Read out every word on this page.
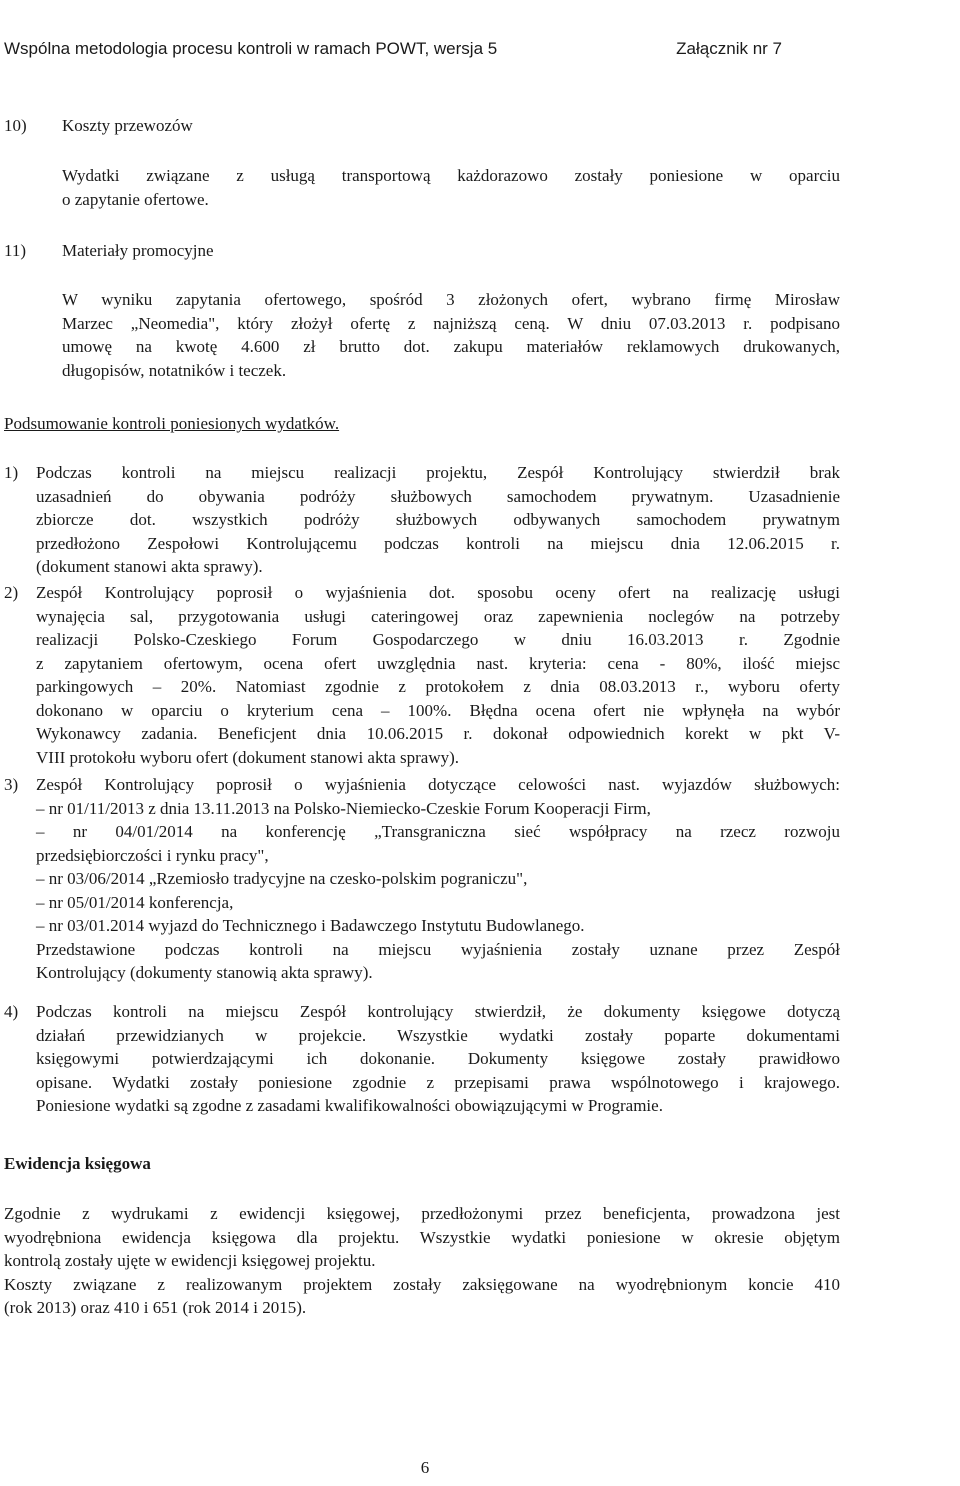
Wspólna metodologia procesu kontroli w ramach POWT, wersja 5	Załącznik nr 7
10) Koszty przewozów

Wydatki związane z usługą transportową każdorazowo zostały poniesione w oparciu

o zapytanie ofertowe.

11) Materiały promocyjne

W wyniku zapytania ofertowego, spośród 3 złożonych ofert, wybrano firmę Mirosław

Marzec „Neomedia", który złożył ofertę z najniższą ceną. W dniu 07.03.2013 r. podpisano

umowę na kwotę 4.600 zł brutto dot. zakupu materiałów reklamowych drukowanych,

długopisów, notatników i teczek.

Podsumowanie kontroli poniesionych wydatków.
1) Podczas kontroli na miejscu realizacji projektu, Zespół Kontrolujący stwierdził brak

uzasadnień do obywania podróży służbowych samochodem prywatnym. Uzasadnienie

zbiorcze dot. wszystkich podróży służbowych odbywanych samochodem prywatnym

przedłożono Zespołowi Kontrolującemu podczas kontroli na miejscu dnia 12.06.2015 r.

(dokument stanowi akta sprawy).

2) Zespół Kontrolujący poprosił o wyjaśnienia dot. sposobu oceny ofert na realizację usługi

wynajęcia sal, przygotowania usługi cateringowej oraz zapewnienia noclegów na potrzeby

realizacji Polsko-Czeskiego Forum Gospodarczego w dniu 16.03.2013 r. Zgodnie

z zapytaniem ofertowym, ocena ofert uwzględnia nast. kryteria: cena - 80%, ilość miejsc

parkingowych – 20%. Natomiast zgodnie z protokołem z dnia 08.03.2013 r., wyboru oferty

dokonano w oparciu o kryterium cena – 100%. Błędna ocena ofert nie wpłynęła na wybór

Wykonawcy zadania. Beneficjent dnia 10.06.2015 r. dokonał odpowiednich korekt w pkt V-

VIII protokołu wyboru ofert (dokument stanowi akta sprawy).

3) Zespół Kontrolujący poprosił o wyjaśnienia dotyczące celowości nast. wyjazdów służbowych:

– nr 01/11/2013 z dnia 13.11.2013 na Polsko-Niemiecko-Czeskie Forum Kooperacji Firm,

– nr 04/01/2014 na konferencję „Transgraniczna sieć współpracy na rzecz rozwoju

przedsiębiorczości i rynku pracy",

– nr 03/06/2014 „Rzemiosło tradycyjne na czesko-polskim pograniczu",

– nr 05/01/2014 konferencja,

– nr 03/01.2014 wyjazd do Technicznego i Badawczego Instytutu Budowlanego.

Przedstawione podczas kontroli na miejscu wyjaśnienia zostały uznane przez Zespół

Kontrolujący (dokumenty stanowią akta sprawy).

4) Podczas kontroli na miejscu Zespół kontrolujący stwierdził, że dokumenty księgowe dotyczą

działań przewidzianych w projekcie. Wszystkie wydatki zostały poparte dokumentami

księgowymi potwierdzającymi ich dokonanie. Dokumenty księgowe zostały prawidłowo

opisane. Wydatki zostały poniesione zgodnie z przepisami prawa wspólnotowego i krajowego.

Poniesione wydatki są zgodne z zasadami kwalifikowalności obowiązującymi w Programie.

Ewidencja księgowa

Zgodnie z wydrukami z ewidencji księgowej, przedłożonymi przez beneficjenta, prowadzona jest

wyodrębniona ewidencja księgowa dla projektu. Wszystkie wydatki poniesione w okresie objętym

kontrolą zostały ujęte w ewidencji księgowej projektu.

Koszty związane z realizowanym projektem zostały zaksięgowane na wyodrębnionym koncie 410

(rok 2013) oraz 410 i 651 (rok 2014 i 2015).

6
